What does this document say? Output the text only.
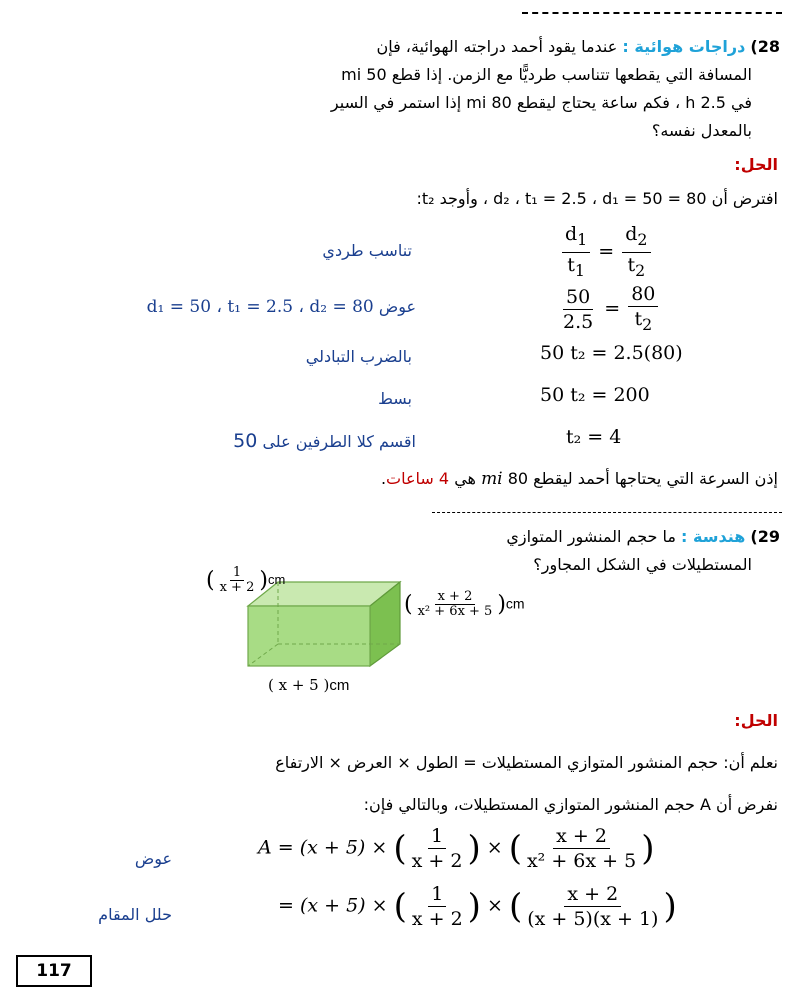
28) دراجات هوائية : عندما يقود أحمد دراجته الهوائية، فإن
المسافة التي يقطعها تتناسب طرديًّا مع الزمن. إذا قطع 50 mi
في 2.5 h ، فكم ساعة يحتاج ليقطع 80 mi إذا استمر في السير
بالمعدل نفسه؟
الحل:
افترض أن 80 = d₂ ، t₁ = 2.5 ، d₁ = 50 ، وأوجد t₂:
تناسب طردي	$\frac{d_1}{t_1} = \frac{d_2}{t_2}$
d₁ = 50 ، t₁ = 2.5 ، d₂ = 80 عوض	$\frac{50}{2.5} = \frac{80}{t_2}$
بالضرب التبادلي	50 t₂ = 2.5(80)
بسط	50 t₂ = 200
اقسم كلا الطرفين على 50	t₂ = 4
إذن السرعة التي يحتاجها أحمد ليقطع 80 mi هي 4 ساعات.
29) هندسة : ما حجم المنشور المتوازي
المستطيلات في الشكل المجاور؟
( $\frac{1}{x + 2} )cm$
( $\frac{x + 2}{\text{x² + 6x + 5}} )cm$
( x + 5 )cm
الحل:
نعلم أن: حجم المنشور المتوازي المستطيلات = الطول × العرض × الارتفاع
نفرض أن A حجم المنشور المتوازي المستطيلات، وبالتالي فإن:
عوض	A = (x + 5) × ( $\frac{1}{x + 2}$ ) × ( $\frac{x + 2}{\text{x² + 6x + 5}}$ )
حلل المقام	= (x + 5) × ( $\frac{1}{x + 2}$ ) × ( $\frac{x + 2}{(x + 5)(x + 1)}$ )
117
